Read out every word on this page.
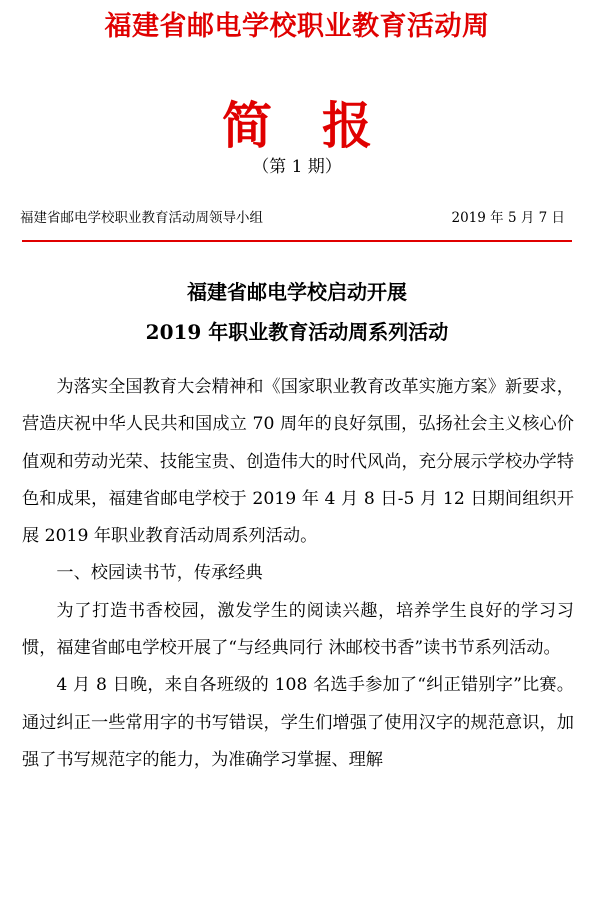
福建省邮电学校职业教育活动周
简　报
（第 1 期）
福建省邮电学校职业教育活动周领导小组	2019 年 5 月 7 日
福建省邮电学校启动开展
2019 年职业教育活动周系列活动

为落实全国教育大会精神和《国家职业教育改革实施方案》新要求，营造庆祝中华人民共和国成立 70 周年的良好氛围，弘扬社会主义核心价值观和劳动光荣、技能宝贵、创造伟大的时代风尚，充分展示学校办学特色和成果，福建省邮电学校于 2019 年 4 月 8 日-5 月 12 日期间组织开展 2019 年职业教育活动周系列活动。

一、校园读书节，传承经典

为了打造书香校园，激发学生的阅读兴趣，培养学生良好的学习习惯，福建省邮电学校开展了“与经典同行 沐邮校书香”读书节系列活动。

4 月 8 日晚，来自各班级的 108 名选手参加了“纠正错别字”比赛。通过纠正一些常用字的书写错误，学生们增强了使用汉字的规范意识，加强了书写规范字的能力，为准确学习掌握、理解
